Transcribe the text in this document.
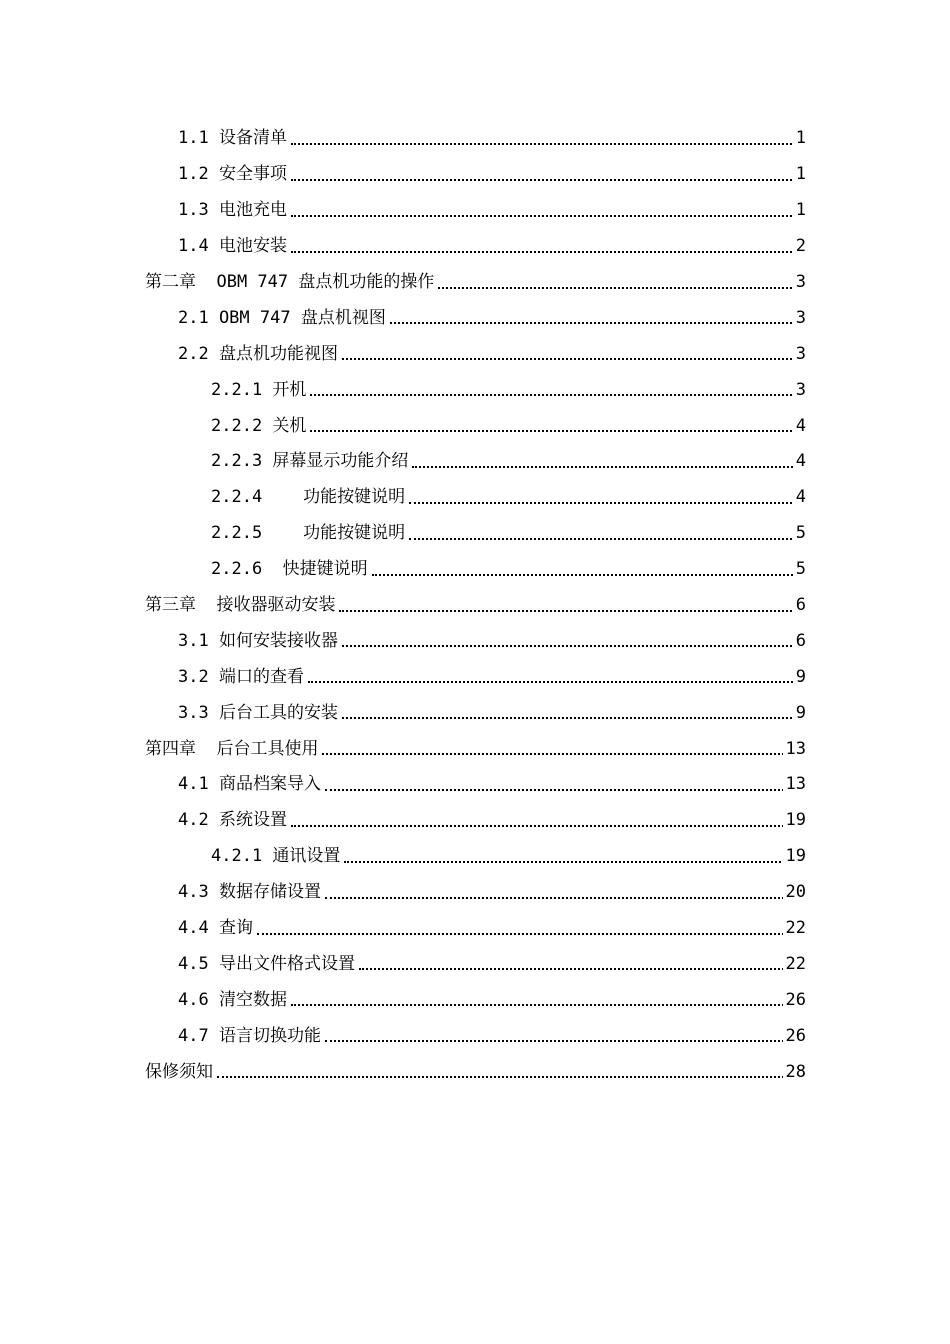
1.1 设备清单	1
1.2 安全事项	1
1.3 电池充电	1
1.4 电池安装	2
第二章  OBM 747 盘点机功能的操作	3
2.1 OBM 747 盘点机视图	3
2.2 盘点机功能视图	3
2.2.1 开机	3
2.2.2 关机	4
2.2.3 屏幕显示功能介绍	4
2.2.4    功能按键说明	4
2.2.5    功能按键说明	5
2.2.6  快捷键说明	5
第三章  接收器驱动安装	6
3.1 如何安装接收器	6
3.2 端口的查看	9
3.3 后台工具的安装	9
第四章  后台工具使用	13
4.1 商品档案导入	13
4.2 系统设置	19
4.2.1 通讯设置	19
4.3 数据存储设置	20
4.4 查询	22
4.5 导出文件格式设置	22
4.6 清空数据	26
4.7 语言切换功能	26
保修须知	28
